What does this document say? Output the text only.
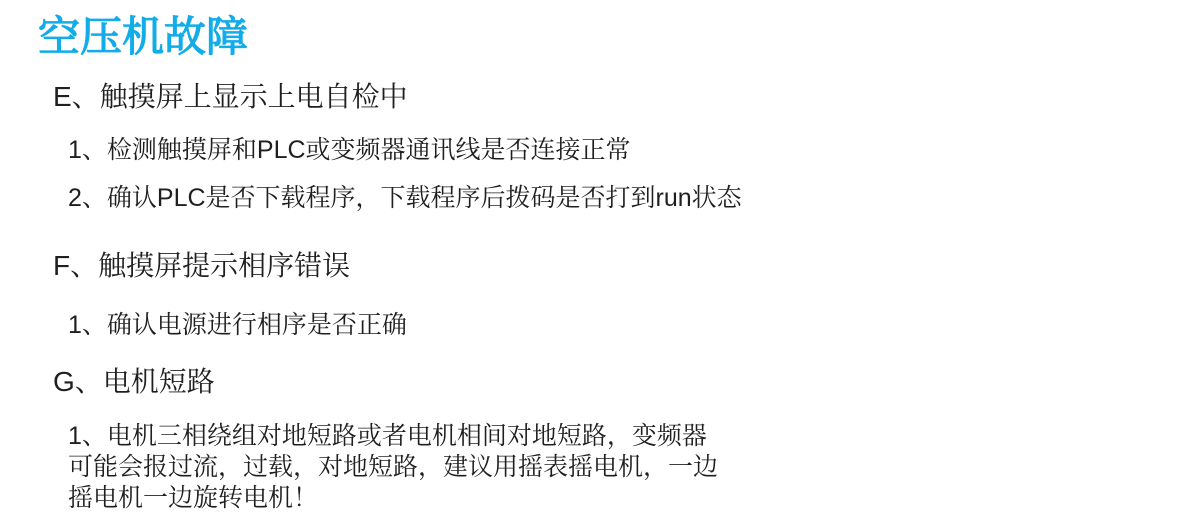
空压机故障
E、触摸屏上显示上电自检中

1、检测触摸屏和PLC或变频器通讯线是否连接正常

2、确认PLC是否下载程序，下载程序后拨码是否打到run状态

F、触摸屏提示相序错误

1、确认电源进行相序是否正确

G、电机短路

1、电机三相绕组对地短路或者电机相间对地短路，变频器可能会报过流，过载，对地短路，建议用摇表摇电机，一边摇电机一边旋转电机！
